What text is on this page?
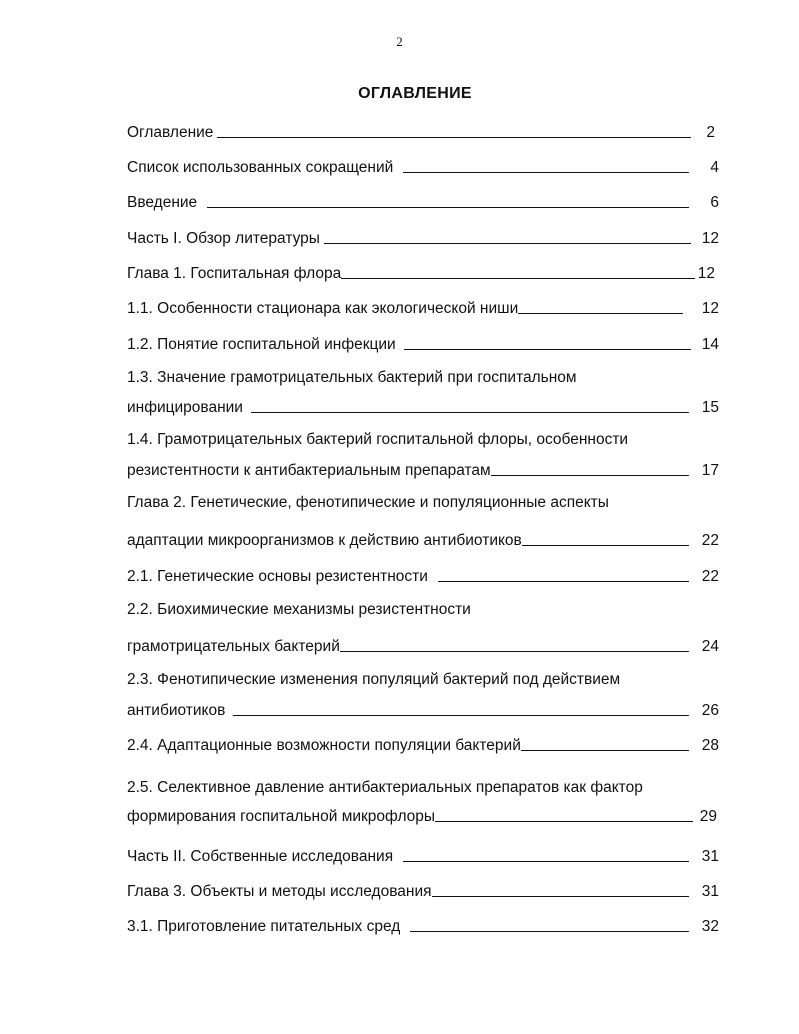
2
ОГЛАВЛЕНИЕ
Оглавление	2
Список использованных сокращений	4
Введение	6
Часть I. Обзор литературы	12
Глава 1. Госпитальная флора	12
1.1. Особенности стационара как экологической ниши	12
1.2. Понятие госпитальной инфекции	14
1.3. Значение грамотрицательных бактерий при госпитальном
инфицировании	15
1.4. Грамотрицательных бактерий госпитальной флоры, особенности
резистентности к антибактериальным препаратам	17
Глава 2. Генетические, фенотипические и популяционные аспекты
адаптации микроорганизмов к действию антибиотиков	22
2.1. Генетические основы резистентности	22
2.2. Биохимические механизмы резистентности
грамотрицательных бактерий	24
2.3. Фенотипические изменения популяций бактерий под действием
антибиотиков	26
2.4. Адаптационные возможности популяции бактерий	28
2.5. Селективное давление антибактериальных препаратов как фактор
формирования госпитальной микрофлоры	29
Часть II. Собственные исследования	31
Глава 3. Объекты и методы исследования	31
3.1. Приготовление питательных сред	32
